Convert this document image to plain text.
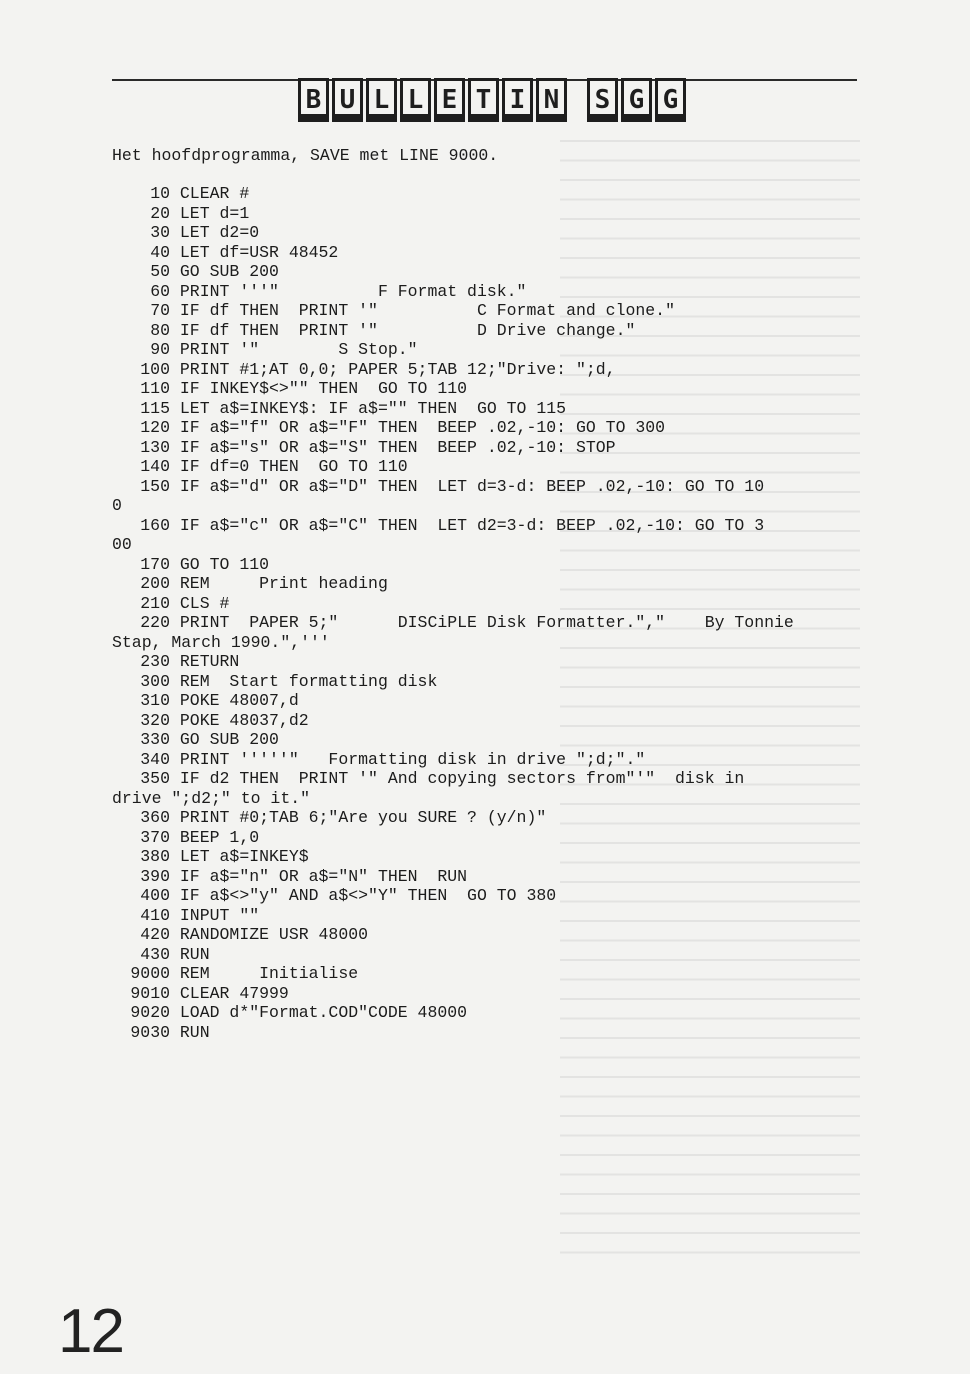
B U L L E T I N S G G
Het hoofdprogramma, SAVE met LINE 9000.
10 CLEAR #
20 LET d=1
30 LET d2=0
40 LET df=USR 48452
50 GO SUB 200
60 PRINT '''"          F Format disk."
70 IF df THEN  PRINT '"          C Format and clone."
80 IF df THEN  PRINT '"          D Drive change."
90 PRINT '"        S Stop."
100 PRINT #1;AT 0,0; PAPER 5;TAB 12;"Drive: ";d,
110 IF INKEY$<>"" THEN  GO TO 110
115 LET a$=INKEY$: IF a$="" THEN  GO TO 115
120 IF a$="f" OR a$="F" THEN  BEEP .02,-10: GO TO 300
130 IF a$="s" OR a$="S" THEN  BEEP .02,-10: STOP
140 IF df=0 THEN  GO TO 110
150 IF a$="d" OR a$="D" THEN  LET d=3-d: BEEP .02,-10: GO TO 10
0
160 IF a$="c" OR a$="C" THEN  LET d2=3-d: BEEP .02,-10: GO TO 3
00
170 GO TO 110
200 REM     Print heading
210 CLS #
220 PRINT  PAPER 5;"      DISCiPLE Disk Formatter.","    By Tonnie
Stap, March 1990.",'''
230 RETURN
300 REM  Start formatting disk
310 POKE 48007,d
320 POKE 48037,d2
330 GO SUB 200
340 PRINT '''''"   Formatting disk in drive ";d;"."
350 IF d2 THEN  PRINT '" And copying sectors from"'"  disk in
drive ";d2;" to it."
360 PRINT #0;TAB 6;"Are you SURE ? (y/n)"
370 BEEP 1,0
380 LET a$=INKEY$
390 IF a$="n" OR a$="N" THEN  RUN
400 IF a$<>"y" AND a$<>"Y" THEN  GO TO 380
410 INPUT ""
420 RANDOMIZE USR 48000
430 RUN
9000 REM     Initialise
9010 CLEAR 47999
9020 LOAD d*"Format.COD"CODE 48000
9030 RUN
12
